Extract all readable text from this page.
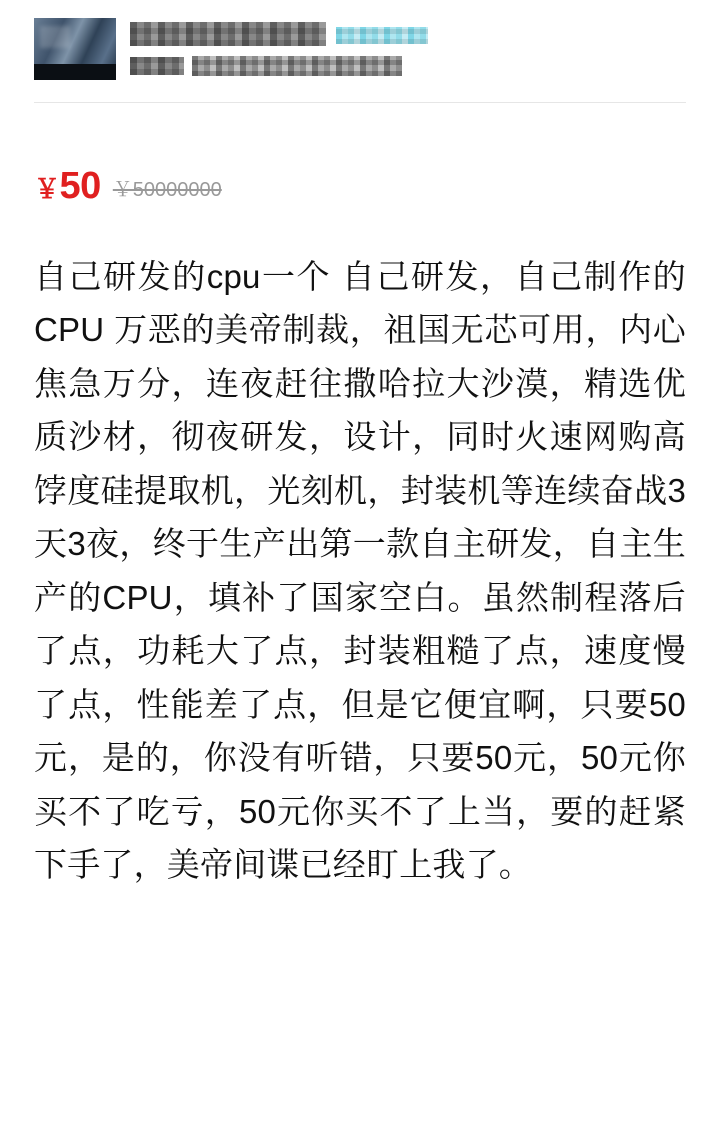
￥50 ￥50000000
自己研发的cpu一个 自己研发，自己制作的CPU 万恶的美帝制裁，祖国无芯可用，内心焦急万分，连夜赶往撒哈拉大沙漠，精选优质沙材，彻夜研发，设计，同时火速网购高饽度硅提取机，光刻机，封装机等连续奋战3天3夜，终于生产出第一款自主研发，自主生产的CPU，填补了国家空白。虽然制程落后了点，功耗大了点，封装粗糙了点，速度慢了点，性能差了点，但是它便宜啊，只要50元，是的，你没有听错，只要50元，50元你买不了吃亏，50元你买不了上当，要的赶紧下手了，美帝间谍已经盯上我了。
